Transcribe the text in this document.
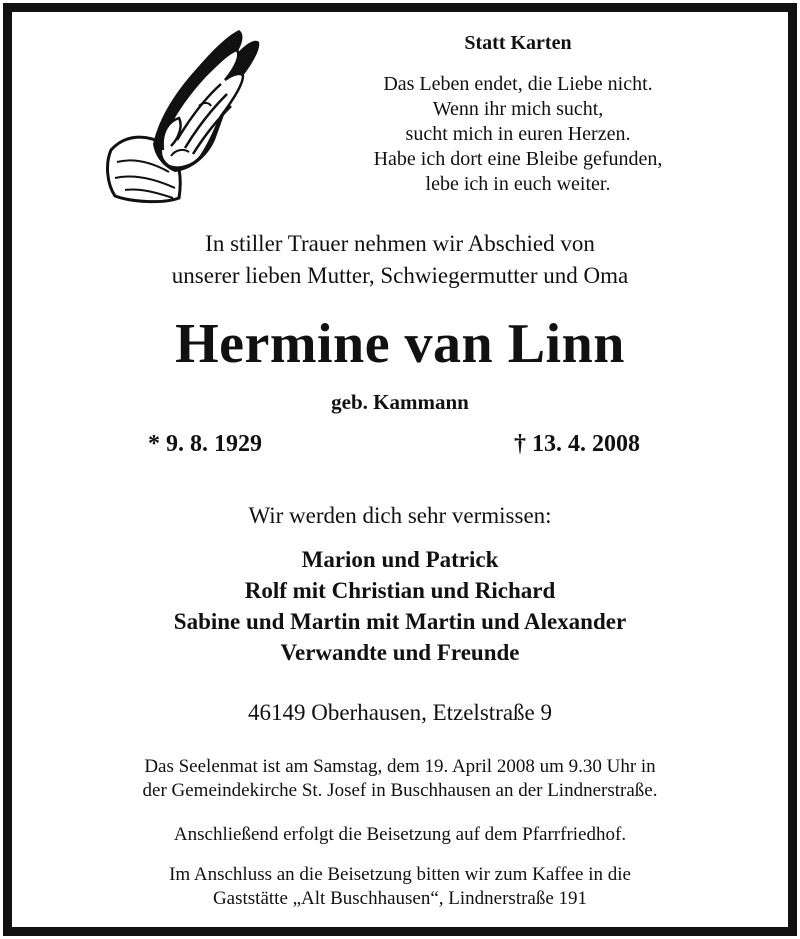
Statt Karten
Das Leben endet, die Liebe nicht.
Wenn ihr mich sucht,
sucht mich in euren Herzen.
Habe ich dort eine Bleibe gefunden,
lebe ich in euch weiter.
In stiller Trauer nehmen wir Abschied von
unserer lieben Mutter, Schwiegermutter und Oma
Hermine van Linn
geb. Kammann
* 9. 8. 1929	† 13. 4. 2008
Wir werden dich sehr vermissen:
Marion und Patrick
Rolf mit Christian und Richard
Sabine und Martin mit Martin und Alexander
Verwandte und Freunde
46149 Oberhausen, Etzelstraße 9
Das Seelenmat ist am Samstag, dem 19. April 2008 um 9.30 Uhr in
der Gemeindekirche St. Josef in Buschhausen an der Lindnerstraße.
Anschließend erfolgt die Beisetzung auf dem Pfarrfriedhof.
Im Anschluss an die Beisetzung bitten wir zum Kaffee in die
Gaststätte „Alt Buschhausen“, Lindnerstraße 191
